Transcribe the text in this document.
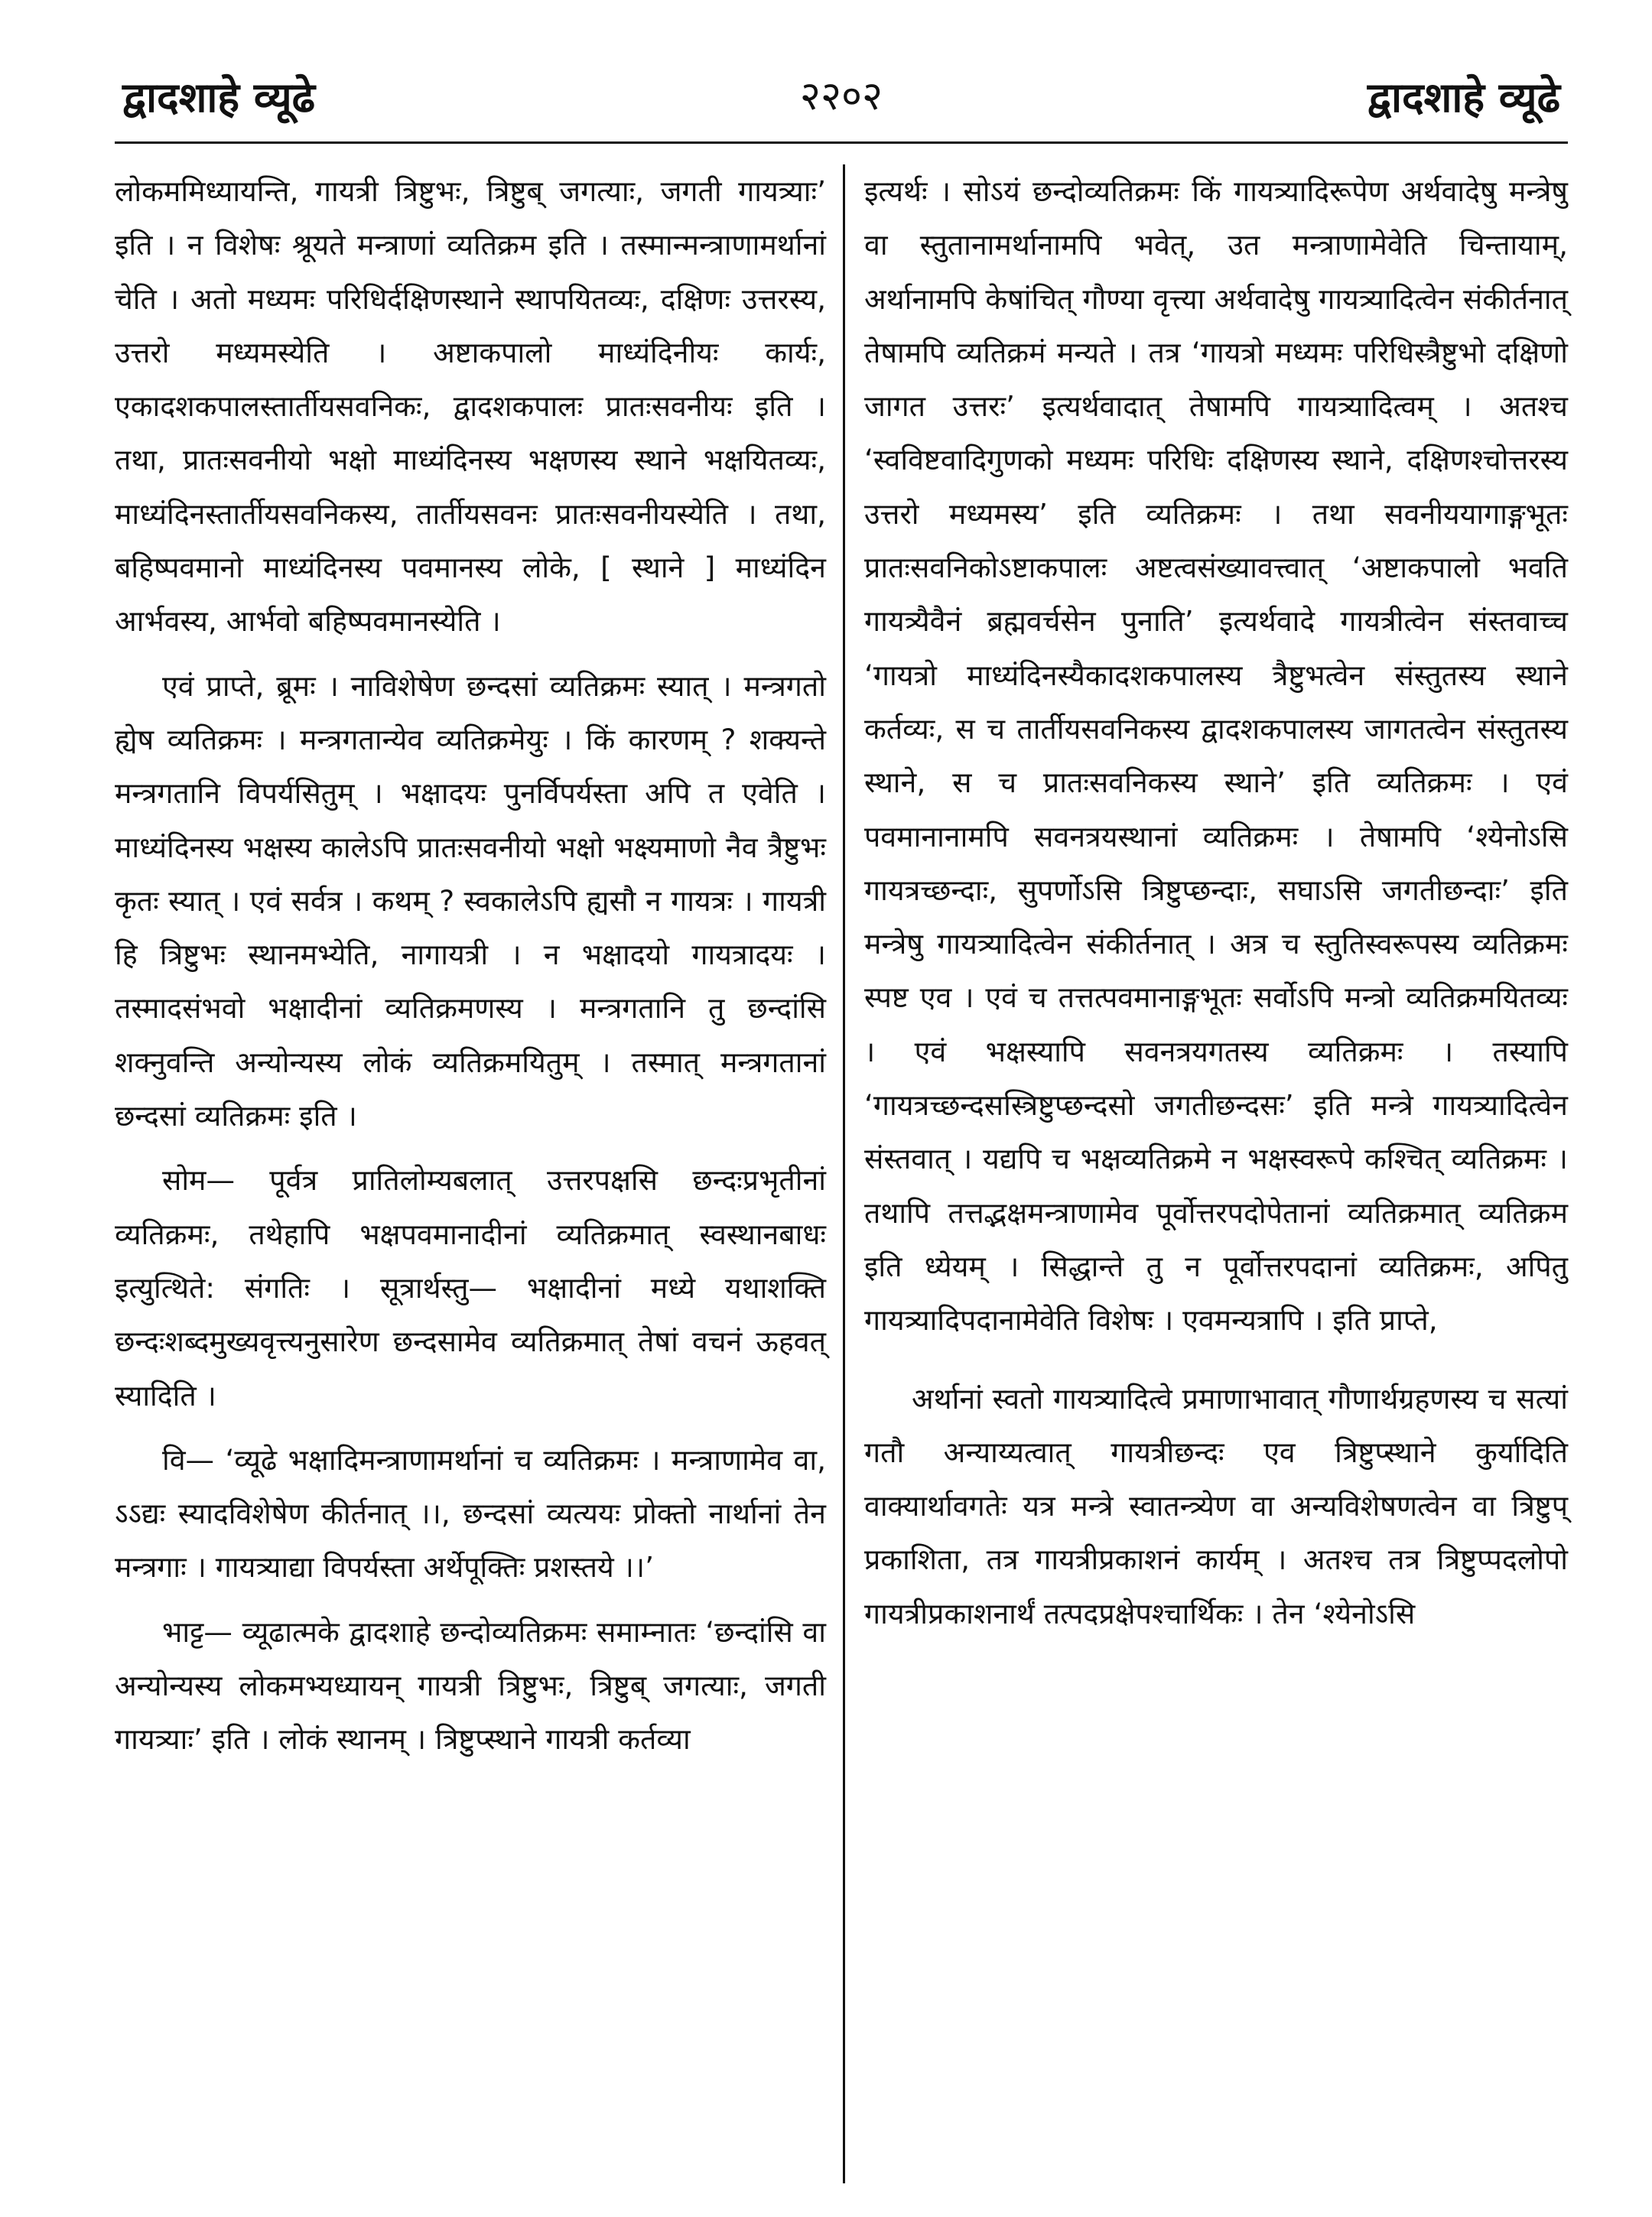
द्वादशाहे व्यूढे	२२०२	द्वादशाहे व्यूढे

लोकममिध्यायन्ति, गायत्री त्रिष्टुभः, त्रिष्टुब् जगत्याः, जगती गायत्र्याः’ इति । न विशेषः श्रूयते मन्त्राणां व्यतिक्रम इति । तस्मान्मन्त्राणामर्थानां चेति । अतो मध्यमः परिधिर्दक्षिणस्थाने स्थापयितव्यः, दक्षिणः उत्तरस्य, उत्तरो मध्यमस्येति । अष्टाकपालो माध्यंदिनीयः कार्यः, एकादशकपालस्तार्तीयसवनिकः, द्वादशकपालः प्रातःसवनीयः इति । तथा, प्रातःसवनीयो भक्षो माध्यंदिनस्य भक्षणस्य स्थाने भक्षयितव्यः, माध्यंदिनस्तार्तीयसवनिकस्य, तार्तीयसवनः प्रातःसवनीयस्येति । तथा, बहिष्पवमानो माध्यंदिनस्य पवमानस्य लोके, [ स्थाने ] माध्यंदिन आर्भवस्य, आर्भवो बहिष्पवमानस्येति ।

एवं प्राप्ते, ब्रूमः । नाविशेषेण छन्दसां व्यतिक्रमः स्यात् । मन्त्रगतो ह्येष व्यतिक्रमः । मन्त्रगतान्येव व्यतिक्रमेयुः । किं कारणम् ? शक्यन्ते मन्त्रगतानि विपर्यसितुम् । भक्षादयः पुनर्विपर्यस्ता अपि त एवेति । माध्यंदिनस्य भक्षस्य कालेऽपि प्रातःसवनीयो भक्षो भक्ष्यमाणो नैव त्रैष्टुभः कृतः स्यात् । एवं सर्वत्र । कथम् ? स्वकालेऽपि ह्यसौ न गायत्रः । गायत्री हि त्रिष्टुभः स्थानमभ्येति, नागायत्री । न भक्षादयो गायत्रादयः । तस्मादसंभवो भक्षादीनां व्यतिक्रमणस्य । मन्त्रगतानि तु छन्दांसि शक्नुवन्ति अन्योन्यस्य लोकं व्यतिक्रमयितुम् । तस्मात् मन्त्रगतानां छन्दसां व्यतिक्रमः इति ।

सोम— पूर्वत्र प्रातिलोम्यबलात् उत्तरपक्षसि छन्दःप्रभृतीनां व्यतिक्रमः, तथेहापि भक्षपवमानादीनां व्यतिक्रमात् स्वस्थानबाधः इत्युत्थिते: संगतिः । सूत्रार्थस्तु— भक्षादीनां मध्ये यथाशक्ति छन्दःशब्दमुख्यवृत्त्यनुसारेण छन्दसामेव व्यतिक्रमात् तेषां वचनं ऊहवत् स्यादिति ।

वि— ‘व्यूढे भक्षादिमन्त्राणामर्थानां च व्यतिक्रमः । मन्त्राणामेव वा, ऽऽद्यः स्यादविशेषेण कीर्तनात् ।।, छन्दसां व्यत्ययः प्रोक्तो नार्थानां तेन मन्त्रगाः । गायत्र्याद्या विपर्यस्ता अर्थेपूक्तिः प्रशस्तये ।।’

भाट्ट— व्यूढात्मके द्वादशाहे छन्दोव्यतिक्रमः समाम्नातः ‘छन्दांसि वा अन्योन्यस्य लोकमभ्यध्यायन् गायत्री त्रिष्टुभः, त्रिष्टुब् जगत्याः, जगती गायत्र्याः’ इति । लोकं स्थानम् । त्रिष्टुप्स्थाने गायत्री कर्तव्या

इत्यर्थः । सोऽयं छन्दोव्यतिक्रमः किं गायत्र्यादिरूपेण अर्थवादेषु मन्त्रेषु वा स्तुतानामर्थानामपि भवेत्, उत मन्त्राणामेवेति चिन्तायाम्, अर्थानामपि केषांचित् गौण्या वृत्त्या अर्थवादेषु गायत्र्यादित्वेन संकीर्तनात् तेषामपि व्यतिक्रमं मन्यते । तत्र ‘गायत्रो मध्यमः परिधिस्त्रैष्टुभो दक्षिणो जागत उत्तरः’ इत्यर्थवादात् तेषामपि गायत्र्यादित्वम् । अतश्च ‘स्वविष्टवादिगुणको मध्यमः परिधिः दक्षिणस्य स्थाने, दक्षिणश्चोत्तरस्य उत्तरो मध्यमस्य’ इति व्यतिक्रमः । तथा सवनीययागाङ्गभूतः प्रातःसवनिकोऽष्टाकपालः अष्टत्वसंख्यावत्त्वात् ‘अष्टाकपालो भवति गायत्र्यैवैनं ब्रह्मवर्चसेन पुनाति’ इत्यर्थवादे गायत्रीत्वेन संस्तवाच्च ‘गायत्रो माध्यंदिनस्यैकादशकपालस्य त्रैष्टुभत्वेन संस्तुतस्य स्थाने कर्तव्यः, स च तार्तीयसवनिकस्य द्वादशकपालस्य जागतत्वेन संस्तुतस्य स्थाने, स च प्रातःसवनिकस्य स्थाने’ इति व्यतिक्रमः । एवं पवमानानामपि सवनत्रयस्थानां व्यतिक्रमः । तेषामपि ‘श्येनोऽसि गायत्रच्छन्दाः, सुपर्णोऽसि त्रिष्टुप्छन्दाः, सघाऽसि जगतीछन्दाः’ इति मन्त्रेषु गायत्र्यादित्वेन संकीर्तनात् । अत्र च स्तुतिस्वरूपस्य व्यतिक्रमः स्पष्ट एव । एवं च तत्तत्पवमानाङ्गभूतः सर्वोऽपि मन्त्रो व्यतिक्रमयितव्यः । एवं भक्षस्यापि सवनत्रयगतस्य व्यतिक्रमः । तस्यापि ‘गायत्रच्छन्दसस्त्रिष्टुप्छन्दसो जगतीछन्दसः’ इति मन्त्रे गायत्र्यादित्वेन संस्तवात् । यद्यपि च भक्षव्यतिक्रमे न भक्षस्वरूपे कश्चित् व्यतिक्रमः । तथापि तत्तद्भक्षमन्त्राणामेव पूर्वोत्तरपदोपेतानां व्यतिक्रमात् व्यतिक्रम इति ध्येयम् । सिद्धान्ते तु न पूर्वोत्तरपदानां व्यतिक्रमः, अपितु गायत्र्यादिपदानामेवेति विशेषः । एवमन्यत्रापि । इति प्राप्ते,

अर्थानां स्वतो गायत्र्यादित्वे प्रमाणाभावात् गौणार्थग्रहणस्य च सत्यां गतौ अन्याय्यत्वात् गायत्रीछन्दः एव त्रिष्टुप्स्थाने कुर्यादिति वाक्यार्थावगतेः यत्र मन्त्रे स्वातन्त्र्येण वा अन्यविशेषणत्वेन वा त्रिष्टुप् प्रकाशिता, तत्र गायत्रीप्रकाशनं कार्यम् । अतश्च तत्र त्रिष्टुप्पदलोपो गायत्रीप्रकाशनार्थं तत्पदप्रक्षेपश्चार्थिकः । तेन ‘श्येनोऽसि
